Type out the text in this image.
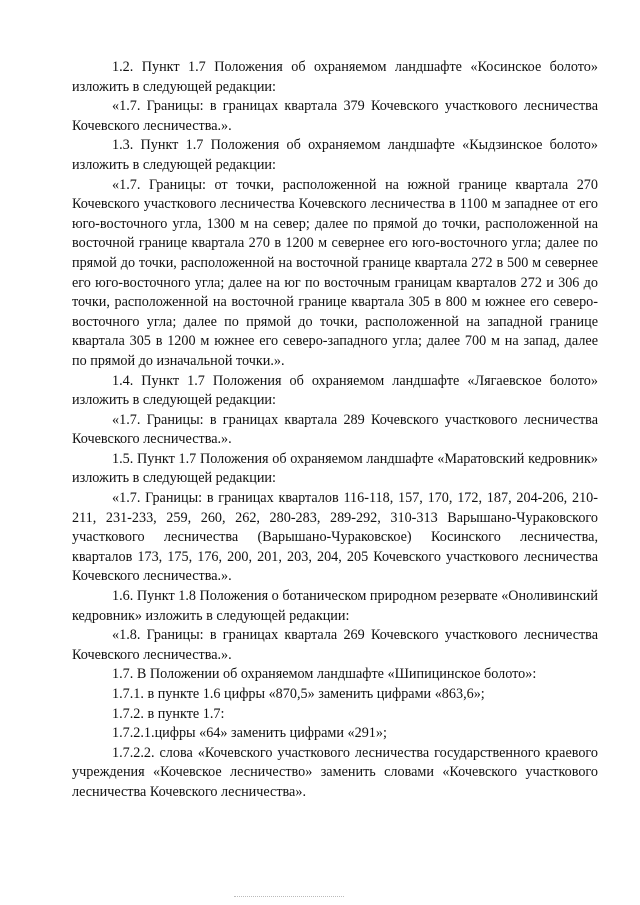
1.2. Пункт 1.7 Положения об охраняемом ландшафте «Косинское болото» изложить в следующей редакции:

«1.7. Границы: в границах квартала 379 Кочевского участкового лесничества Кочевского лесничества.».

1.3. Пункт 1.7 Положения об охраняемом ландшафте «Кыдзинское болото» изложить в следующей редакции:

«1.7. Границы: от точки, расположенной на южной границе квартала 270 Кочевского участкового лесничества Кочевского лесничества в 1100 м западнее от его юго-восточного угла, 1300 м на север; далее по прямой до точки, расположенной на восточной границе квартала 270 в 1200 м севернее его юго-восточного угла; далее по прямой до точки, расположенной на восточной границе квартала 272 в 500 м севернее его юго-восточного угла; далее на юг по восточным границам кварталов 272 и 306 до точки, расположенной на восточной границе квартала 305 в 800 м южнее его северо-восточного угла; далее по прямой до точки, расположенной на западной границе квартала 305 в 1200 м южнее его северо-западного угла; далее 700 м на запад, далее по прямой до изначальной точки.».

1.4. Пункт 1.7 Положения об охраняемом ландшафте «Лягаевское болото» изложить в следующей редакции:

«1.7. Границы: в границах квартала 289 Кочевского участкового лесничества Кочевского лесничества.».

1.5. Пункт 1.7 Положения об охраняемом ландшафте «Маратовский кедровник» изложить в следующей редакции:

«1.7. Границы: в границах кварталов 116-118, 157, 170, 172, 187, 204-206, 210-211, 231-233, 259, 260, 262, 280-283, 289-292, 310-313 Варышано-Чураковского участкового лесничества (Варышано-Чураковское) Косинского лесничества, кварталов 173, 175, 176, 200, 201, 203, 204, 205 Кочевского участкового лесничества Кочевского лесничества.».

1.6. Пункт 1.8 Положения о ботаническом природном резервате «Оноливинский кедровник» изложить в следующей редакции:

«1.8. Границы: в границах квартала 269 Кочевского участкового лесничества Кочевского лесничества.».

1.7. В Положении об охраняемом ландшафте «Шипицинское болото»:

1.7.1. в пункте 1.6 цифры «870,5» заменить цифрами «863,6»;

1.7.2. в пункте 1.7:

1.7.2.1.цифры «64» заменить цифрами «291»;

1.7.2.2. слова «Кочевского участкового лесничества государственного краевого учреждения «Кочевское лесничество» заменить словами «Кочевского участкового лесничества Кочевского лесничества».
